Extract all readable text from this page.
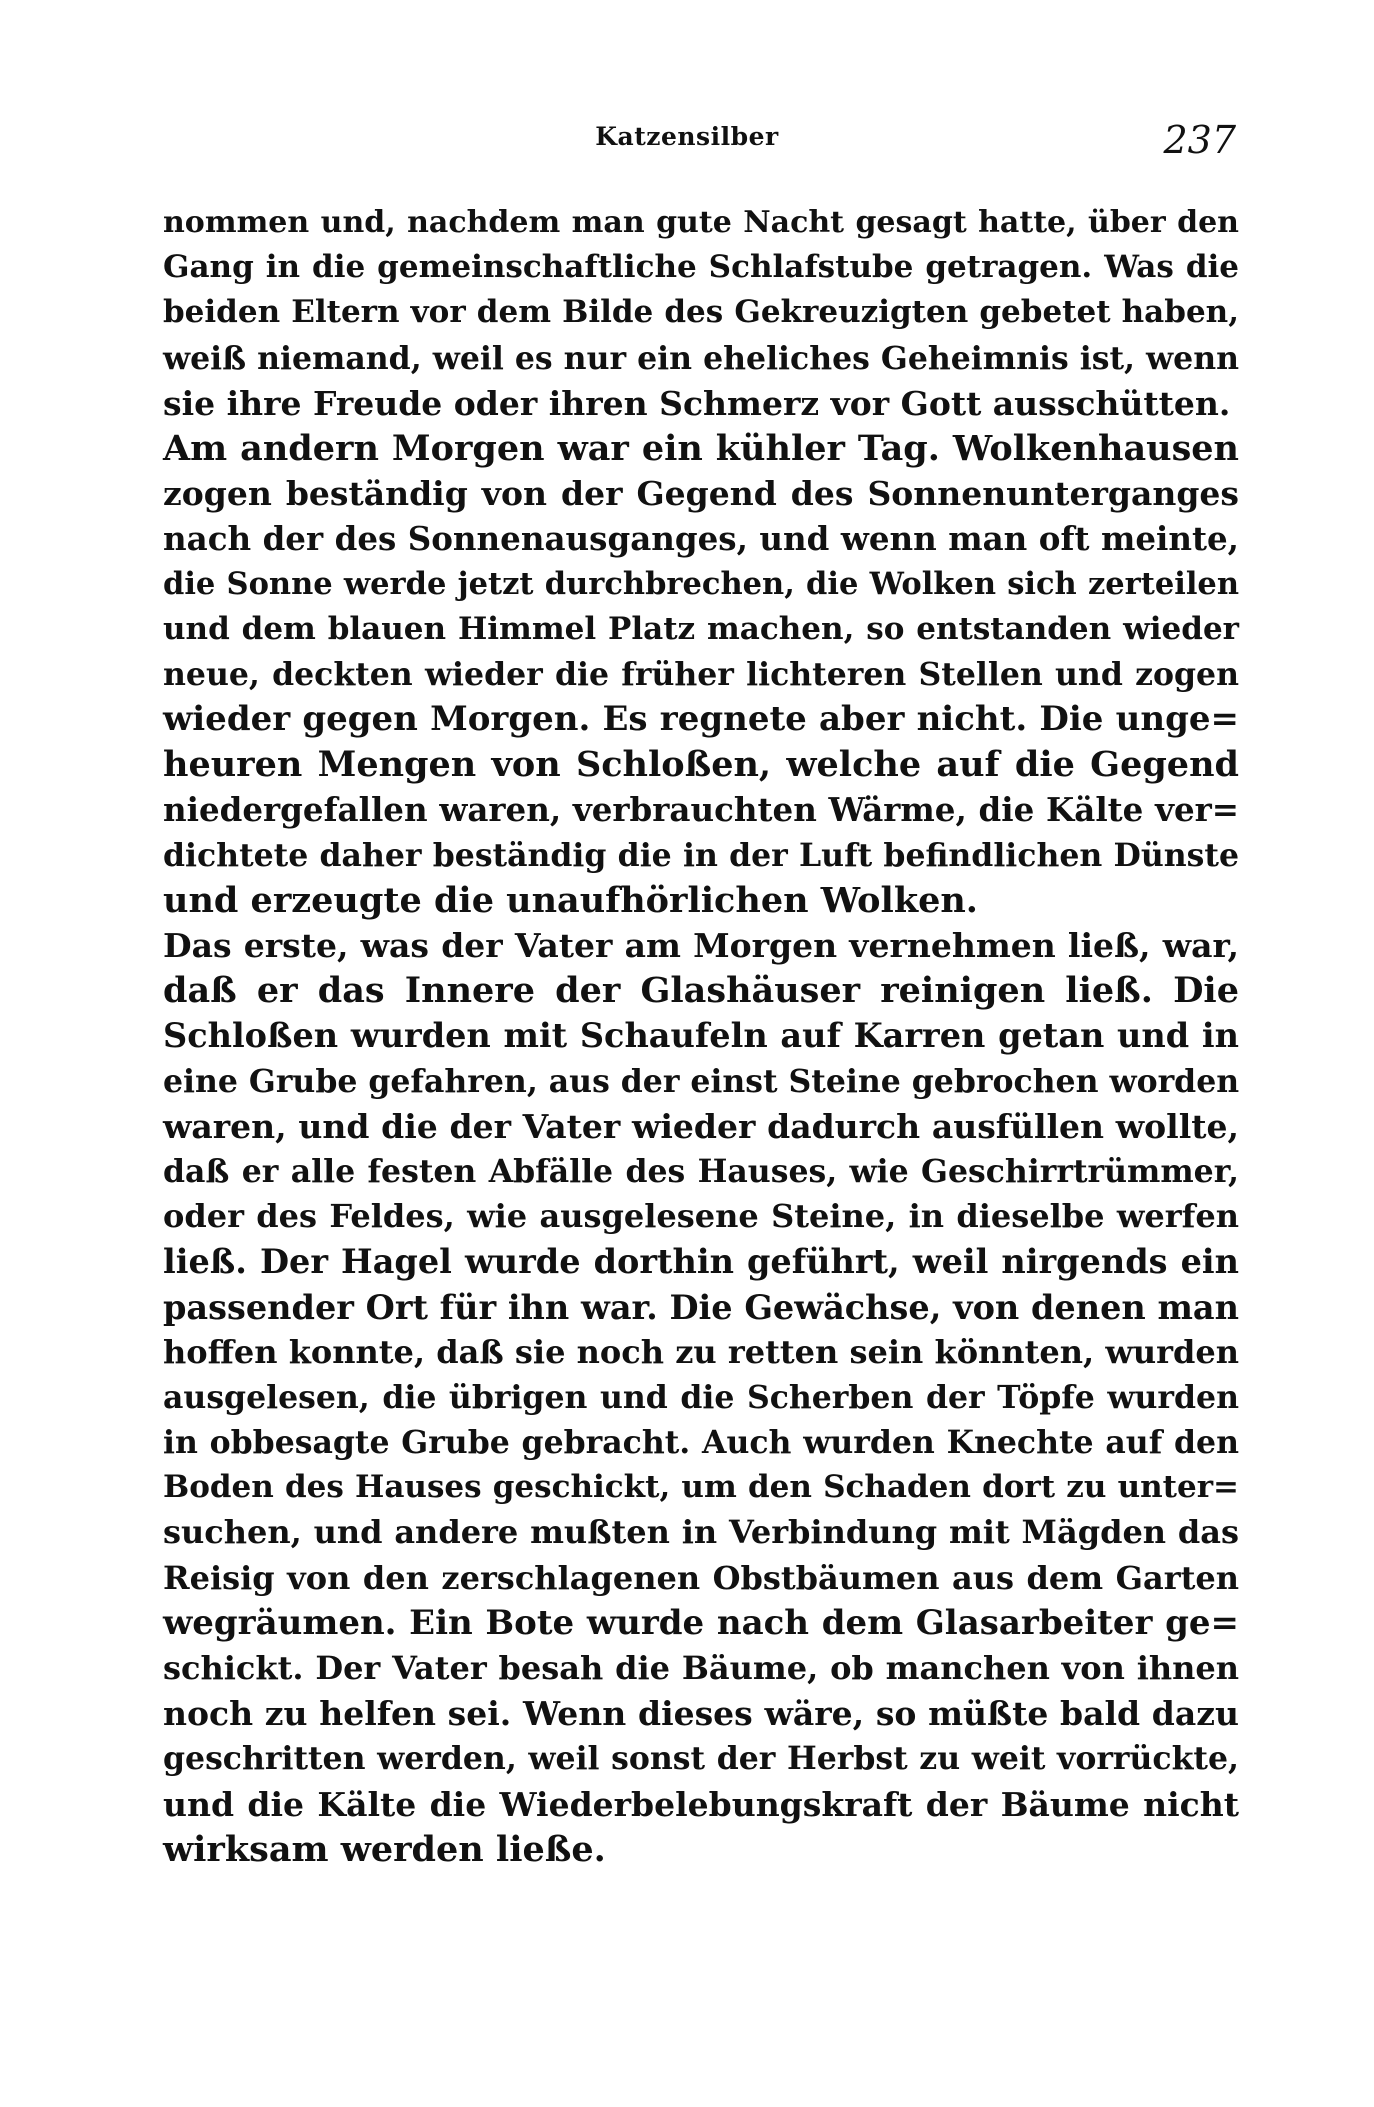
Katzensilber	237
nommen und, nachdem man gute Nacht gesagt hatte, über den
Gang in die gemeinschaftliche Schlafstube getragen. Was die
beiden Eltern vor dem Bilde des Gekreuzigten gebetet haben,
weiß niemand, weil es nur ein eheliches Geheimnis ist, wenn
sie ihre Freude oder ihren Schmerz vor Gott ausschütten.
Am andern Morgen war ein kühler Tag. Wolkenhausen
zogen beständig von der Gegend des Sonnenunterganges
nach der des Sonnenausganges, und wenn man oft meinte,
die Sonne werde jetzt durchbrechen, die Wolken sich zerteilen
und dem blauen Himmel Platz machen, so entstanden wieder
neue, deckten wieder die früher lichteren Stellen und zogen
wieder gegen Morgen. Es regnete aber nicht. Die unge=
heuren Mengen von Schloßen, welche auf die Gegend
niedergefallen waren, verbrauchten Wärme, die Kälte ver=
dichtete daher beständig die in der Luft befindlichen Dünste
und erzeugte die unaufhörlichen Wolken.
Das erste, was der Vater am Morgen vernehmen ließ, war,
daß er das Innere der Glashäuser reinigen ließ. Die
Schloßen wurden mit Schaufeln auf Karren getan und in
eine Grube gefahren, aus der einst Steine gebrochen worden
waren, und die der Vater wieder dadurch ausfüllen wollte,
daß er alle festen Abfälle des Hauses, wie Geschirrtrümmer,
oder des Feldes, wie ausgelesene Steine, in dieselbe werfen
ließ. Der Hagel wurde dorthin geführt, weil nirgends ein
passender Ort für ihn war. Die Gewächse, von denen man
hoffen konnte, daß sie noch zu retten sein könnten, wurden
ausgelesen, die übrigen und die Scherben der Töpfe wurden
in obbesagte Grube gebracht. Auch wurden Knechte auf den
Boden des Hauses geschickt, um den Schaden dort zu unter=
suchen, und andere mußten in Verbindung mit Mägden das
Reisig von den zerschlagenen Obstbäumen aus dem Garten
wegräumen. Ein Bote wurde nach dem Glasarbeiter ge=
schickt. Der Vater besah die Bäume, ob manchen von ihnen
noch zu helfen sei. Wenn dieses wäre, so müßte bald dazu
geschritten werden, weil sonst der Herbst zu weit vorrückte,
und die Kälte die Wiederbelebungskraft der Bäume nicht
wirksam werden ließe.
